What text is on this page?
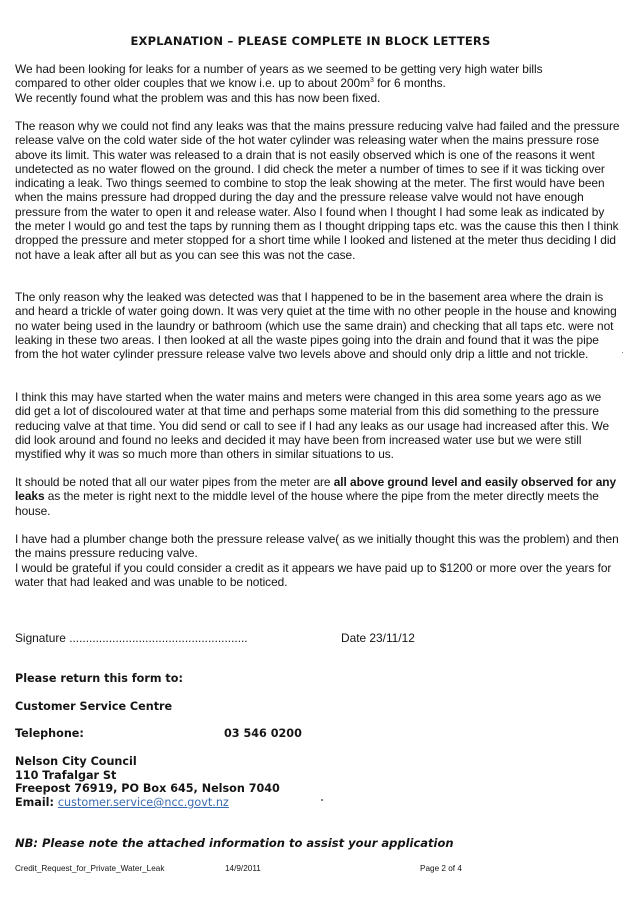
EXPLANATION – PLEASE COMPLETE IN BLOCK LETTERS

We had been looking for leaks for a number of years as we seemed to be getting very high water bills

compared to other older couples that we know i.e. up to about $200m^3$ for 6 months.

We recently found what the problem was and this has now been fixed.

The reason why we could not find any leaks was that the mains pressure reducing valve had failed and the pressure release valve on the cold water side of the hot water cylinder was releasing water when the mains pressure rose above its limit. This water was released to a drain that is not easily observed which is one of the reasons it went undetected as no water flowed on the ground. I did check the meter a number of times to see if it was ticking over indicating a leak. Two things seemed to combine to stop the leak showing at the meter. The first would have been when the mains pressure had dropped during the day and the pressure release valve would not have enough pressure from the water to open it and release water. Also I found when I thought I had some leak as indicated by the meter I would go and test the taps by running them as I thought dripping taps etc. was the cause this then I think dropped the pressure and meter stopped for a short time while I looked and listened at the meter thus deciding I did not have a leak after all but as you can see this was not the case.

The only reason why the leaked was detected was that I happened to be in the basement area where the drain is and heard a trickle of water going down. It was very quiet at the time with no other people in the house and knowing no water being used in the laundry or bathroom (which use the same drain) and checking that all taps etc. were not leaking in these two areas. I then looked at all the waste pipes going into the drain and found that it was the pipe from the hot water cylinder pressure release valve two levels above and should only drip a little and not trickle.

I think this may have started when the water mains and meters were changed in this area some years ago as we did get a lot of discoloured water at that time and perhaps some material from this did something to the pressure reducing valve at that time. You did send or call to see if I had any leaks as our usage had increased after this. We did look around and found no leeks and decided it may have been from increased water use but we were still mystified why it was so much more than others in similar situations to us.

It should be noted that all our water pipes from the meter are all above ground level and easily observed for any leaks as the meter is right next to the middle level of the house where the pipe from the meter directly meets the house.

I have had a plumber change both the pressure release valve( as we initially thought this was the problem) and then the mains pressure reducing valve.

I would be grateful if you could consider a credit as it appears we have paid up to $1200 or more over the years for water that had leaked and was unable to be noticed.

Signature ......................................................	Date 23/11/12
Please return this form to:
Customer Service Centre
Telephone:	03 546 0200
Nelson City Council
110 Trafalgar St
Freepost 76919, PO Box 645, Nelson 7040
Email: customer.service@ncc.govt.nz
NB: Please note the attached information to assist your application
Credit_Request_for_Private_Water_Leak	14/9/2011	Page 2 of 4
